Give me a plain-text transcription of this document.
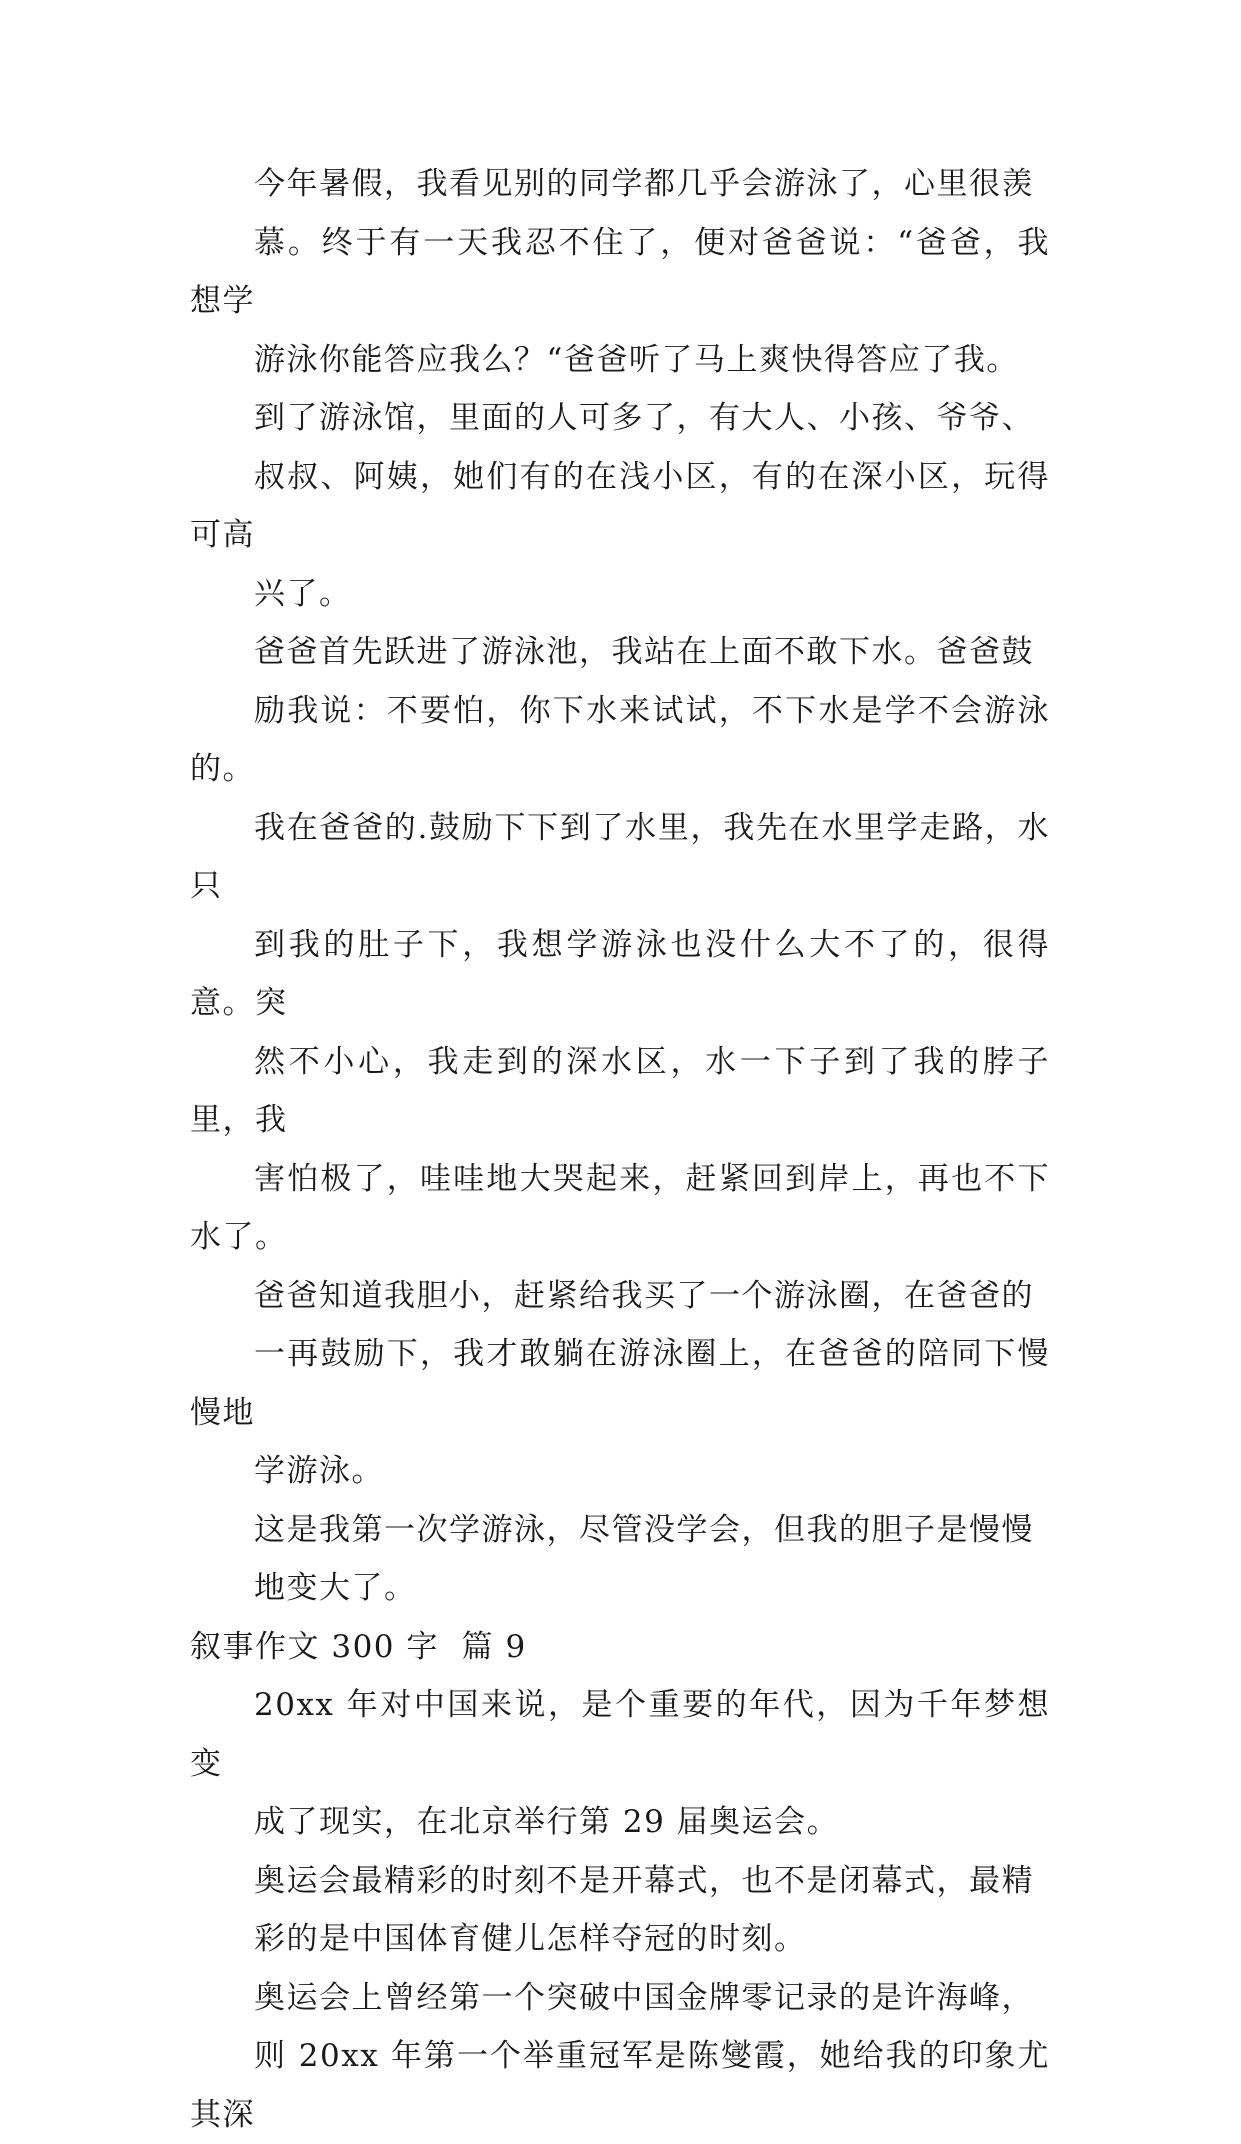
今年暑假，我看见别的同学都几乎会游泳了，心里很羡
慕。终于有一天我忍不住了，便对爸爸说：“爸爸，我想学
游泳你能答应我么？“爸爸听了马上爽快得答应了我。

到了游泳馆，里面的人可多了，有大人、小孩、爷爷、
叔叔、阿姨，她们有的在浅小区，有的在深小区，玩得可高
兴了。

爸爸首先跃进了游泳池，我站在上面不敢下水。爸爸鼓
励我说：不要怕，你下水来试试，不下水是学不会游泳的。
我在爸爸的.鼓励下下到了水里，我先在水里学走路，水只
到我的肚子下，我想学游泳也没什么大不了的，很得意。突
然不小心，我走到的深水区，水一下子到了我的脖子里，我
害怕极了，哇哇地大哭起来，赶紧回到岸上，再也不下水了。

爸爸知道我胆小，赶紧给我买了一个游泳圈，在爸爸的
一再鼓励下，我才敢躺在游泳圈上，在爸爸的陪同下慢慢地
学游泳。

这是我第一次学游泳，尽管没学会，但我的胆子是慢慢
地变大了。

叙事作文 300 字  篇 9

20xx 年对中国来说，是个重要的年代，因为千年梦想变
成了现实，在北京举行第 29 届奥运会。

奥运会最精彩的时刻不是开幕式，也不是闭幕式，最精
彩的是中国体育健儿怎样夺冠的时刻。

奥运会上曾经第一个突破中国金牌零记录的是许海峰，
则 20xx 年第一个举重冠军是陈燮霞，她给我的印象尤其深
